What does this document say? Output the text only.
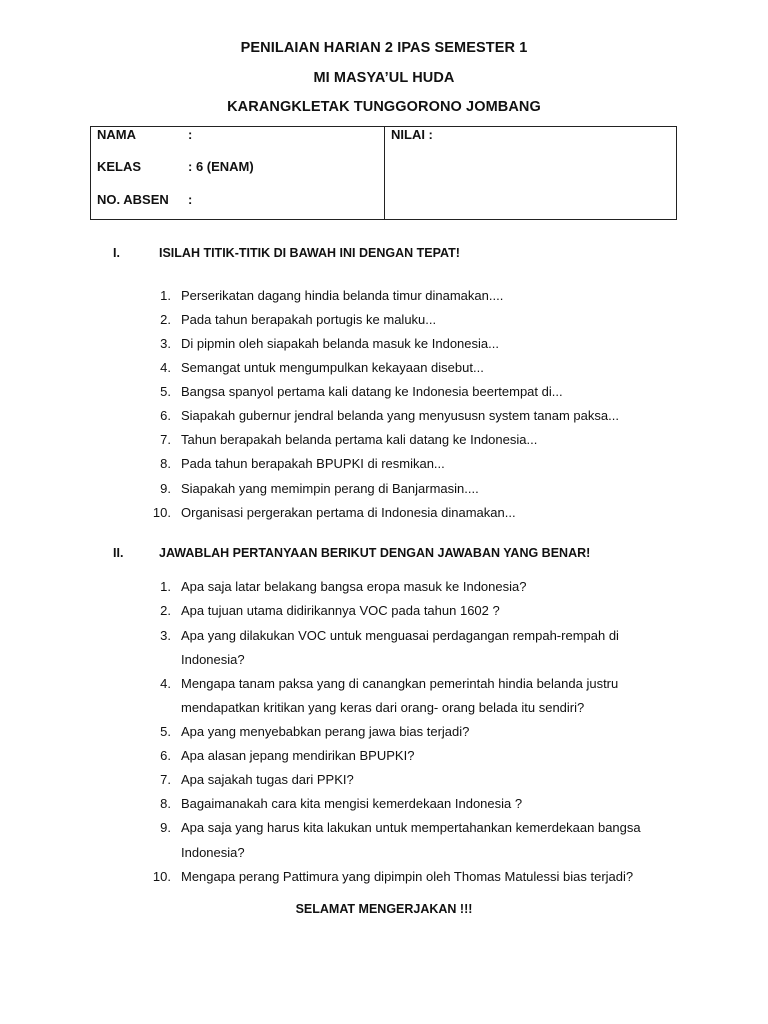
PENILAIAN HARIAN 2 IPAS SEMESTER 1
MI MASYA’UL HUDA
KARANGKLETAK TUNGGORONO JOMBANG
NAMA	:
KELAS	: 6 (ENAM)
NO. ABSEN :
NILAI :
I.	ISILAH TITIK-TITIK DI BAWAH INI DENGAN TEPAT!
1. Perserikatan dagang hindia belanda timur dinamakan....
2. Pada tahun berapakah portugis ke maluku...
3. Di pipmin oleh siapakah belanda masuk ke Indonesia...
4. Semangat untuk mengumpulkan kekayaan disebut...
5. Bangsa spanyol pertama kali datang ke Indonesia beertempat di...
6. Siapakah gubernur jendral belanda yang menyususn system tanam paksa...
7. Tahun berapakah belanda pertama kali datang ke Indonesia...
8. Pada tahun berapakah BPUPKI di resmikan...
9. Siapakah yang memimpin perang di Banjarmasin....
10. Organisasi pergerakan pertama di Indonesia dinamakan...
II.	JAWABLAH PERTANYAAN BERIKUT DENGAN JAWABAN YANG BENAR!
1. Apa saja latar belakang bangsa eropa masuk ke Indonesia?
2. Apa tujuan utama didirikannya VOC pada tahun 1602 ?
3. Apa yang dilakukan VOC untuk menguasai perdagangan rempah-rempah di
Indonesia?
4. Mengapa tanam paksa yang di canangkan pemerintah hindia belanda justru
mendapatkan kritikan yang keras dari orang- orang belada itu sendiri?
5. Apa yang menyebabkan perang jawa bias terjadi?
6. Apa alasan jepang mendirikan BPUPKI?
7. Apa sajakah tugas dari PPKI?
8. Bagaimanakah cara kita mengisi kemerdekaan Indonesia ?
9. Apa saja yang harus kita lakukan untuk mempertahankan kemerdekaan bangsa
Indonesia?
10. Mengapa perang Pattimura yang dipimpin oleh Thomas Matulessi bias terjadi?
SELAMAT MENGERJAKAN !!!
